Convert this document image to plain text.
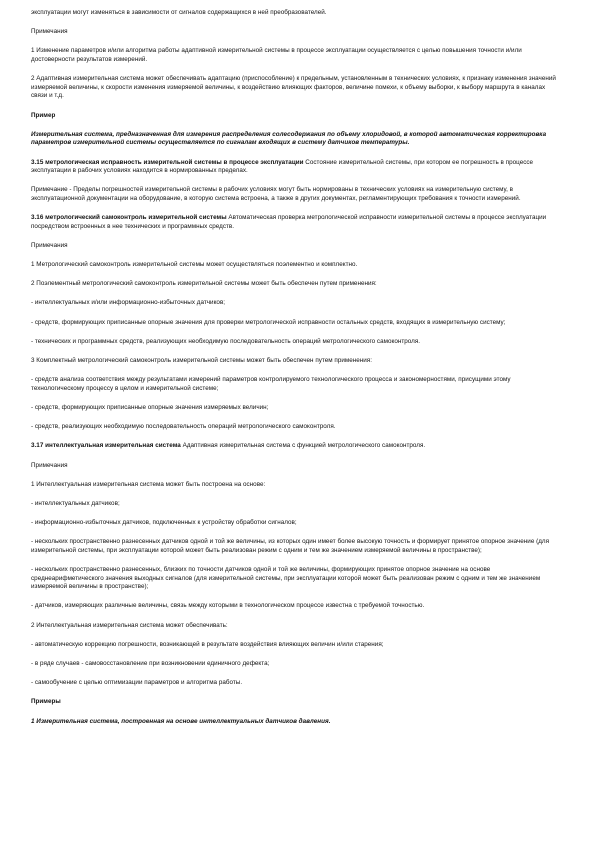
эксплуатации могут изменяться в зависимости от сигналов содержащихся в ней преобразователей.
Примечания
1 Изменение параметров и/или алгоритма работы адаптивной измерительной системы в процессе эксплуатации осуществляется с целью повышения точности и/или достоверности результатов измерений.
2 Адаптивная измерительная система может обеспечивать адаптацию (приспособление) к предельным, установленным в технических условиях, к признаку изменения значений измеряемой величины, к скорости изменения измеряемой величины, к воздействию влияющих факторов, величине помехи, к объему выборки, к выбору маршрута в каналах связи и т.д.
Пример
Измерительная система, предназначенная для измерения распределения солесодержания по объему хлоридовой, в которой автоматическая корректировка параметров измерительной системы осуществляется по сигналам входящих в систему датчиков температуры.
3.15 метрологическая исправность измерительной системы в процессе эксплуатации Состояние измерительной системы, при котором ее погрешность в процессе эксплуатации в рабочих условиях находится в нормированных пределах.
Примечание - Пределы погрешностей измерительной системы в рабочих условиях могут быть нормированы в технических условиях на измерительную систему, в эксплуатационной документации на оборудование, в которую система встроена, а также в других документах, регламентирующих требования к точности измерений.
3.16 метрологический самоконтроль измерительной системы Автоматическая проверка метрологической исправности измерительной системы в процессе эксплуатации посредством встроенных в нее технических и программных средств.
Примечания
1 Метрологический самоконтроль измерительной системы может осуществляться поэлементно и комплектно.
2 Поэлементный метрологический самоконтроль измерительной системы может быть обеспечен путем применения:
- интеллектуальных и/или информационно-избыточных датчиков;
- средств, формирующих приписанные опорные значения для проверки метрологической исправности остальных средств, входящих в измерительную систему;
- технических и программных средств, реализующих необходимую последовательность операций метрологического самоконтроля.
3 Комплектный метрологический самоконтроль измерительной системы может быть обеспечен путем применения:
- средств анализа соответствия между результатами измерений параметров контролируемого технологического процесса и закономерностями, присущими этому технологическому процессу в целом и измерительной системе;
- средств, формирующих приписанные опорные значения измеряемых величин;
- средств, реализующих необходимую последовательность операций метрологического самоконтроля.
3.17 интеллектуальная измерительная система Адаптивная измерительная система с функцией метрологического самоконтроля.
Примечания
1 Интеллектуальная измерительная система может быть построена на основе:
- интеллектуальных датчиков;
- информационно-избыточных датчиков, подключенных к устройству обработки сигналов;
- нескольких пространственно разнесенных датчиков одной и той же величины, из которых один имеет более высокую точность и формирует принятое опорное значение (для измерительной системы, при эксплуатации которой может быть реализован режим с одним и тем же значением измеряемой величины в пространстве);
- нескольких пространственно разнесенных, близких по точности датчиков одной и той же величины, формирующих принятое опорное значение на основе среднеарифметического значения выходных сигналов (для измерительной системы, при эксплуатации которой может быть реализован режим с одним и тем же значением измеряемой величины в пространстве);
- датчиков, измеряющих различные величины, связь между которыми в технологическом процессе известна с требуемой точностью.
2 Интеллектуальная измерительная система может обеспечивать:
- автоматическую коррекцию погрешности, возникающей в результате воздействия влияющих величин и/или старения;
- в ряде случаев - самовосстановление при возникновении единичного дефекта;
- самообучение с целью оптимизации параметров и алгоритма работы.
Примеры
1 Измерительная система, построенная на основе интеллектуальных датчиков давления.
